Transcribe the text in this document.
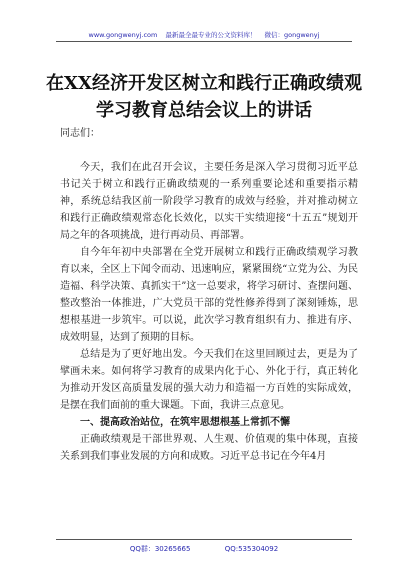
www.gongwenyj.com 最新最全最专业的公文资料库！ 微信：gongwenyj
在XX经济开发区树立和践行正确政绩观
学习教育总结会议上的讲话

同志们：

今天，我们在此召开会议，主要任务是深入学习贯彻习近平总书记关于树立和践行正确政绩观的一系列重要论述和重要指示精神，系统总结我区前一阶段学习教育的成效与经验，并对推动树立和践行正确政绩观常态化长效化，以实干实绩迎接“十五五”规划开局之年的各项挑战，进行再动员、再部署。

自今年年初中央部署在全党开展树立和践行正确政绩观学习教育以来，全区上下闻令而动、迅速响应，紧紧围绕“立党为公、为民造福、科学决策、真抓实干”这一总要求，将学习研讨、查摆问题、整改整治一体推进，广大党员干部的党性修养得到了深刻锤炼，思想根基进一步筑牢。可以说，此次学习教育组织有力、推进有序、成效明显，达到了预期的目标。

总结是为了更好地出发。今天我们在这里回顾过去，更是为了擘画未来。如何将学习教育的成果内化于心、外化于行，真正转化为推动开发区高质量发展的强大动力和造福一方百姓的实际成效，是摆在我们面前的重大课题。下面，我讲三点意见。

一、提高政治站位，在筑牢思想根基上常抓不懈

正确政绩观是干部世界观、人生观、价值观的集中体现，直接关系到我们事业发展的方向和成败。习近平总书记在今年4月

QQ群：30265665	QQ:535304092
